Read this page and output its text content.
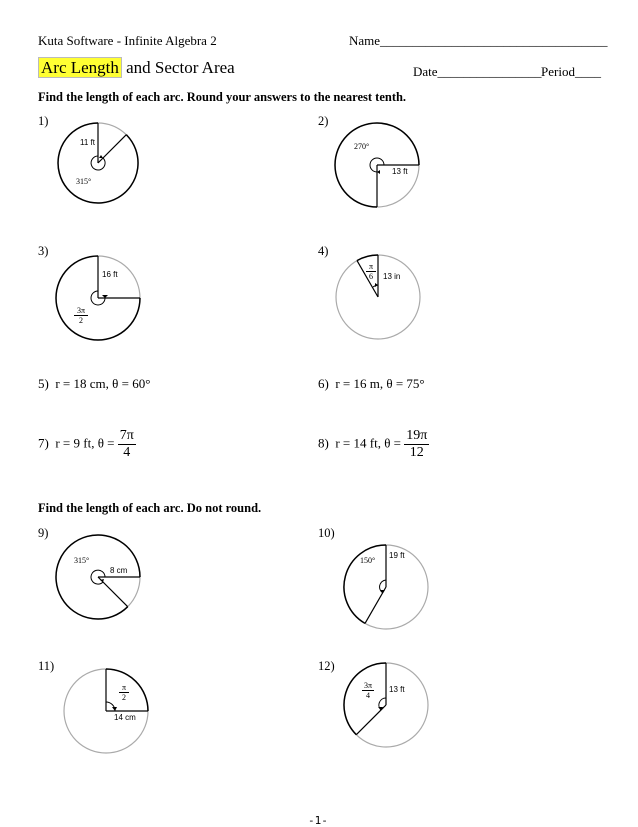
Kuta Software - Infinite Algebra 2	Name___________________________________
Arc Length and Sector Area	Date________________ Period____
Find the length of each arc. Round your answers to the nearest tenth.
1)	2)
11 ft
315°
270°
13 ft
3)	4)
16 ft
$\frac{3\pi}{2}$
$\frac{\pi}{6} 13$ in
5) r = 18 cm, θ = 60°	6) r = 16 m, θ = 75°
7) r = 9 ft, $\theta = \frac{7\pi}{4}$	8) r = 14 ft, $\theta = \frac{19\pi}{12}$
Find the length of each arc. Do not round.
9)	10)
315°
8 cm
150°
19 ft
11)	12)
$\frac{\pi}{2}$
14 cm
$\frac{3\pi}{4} 13$ ft
-1-
